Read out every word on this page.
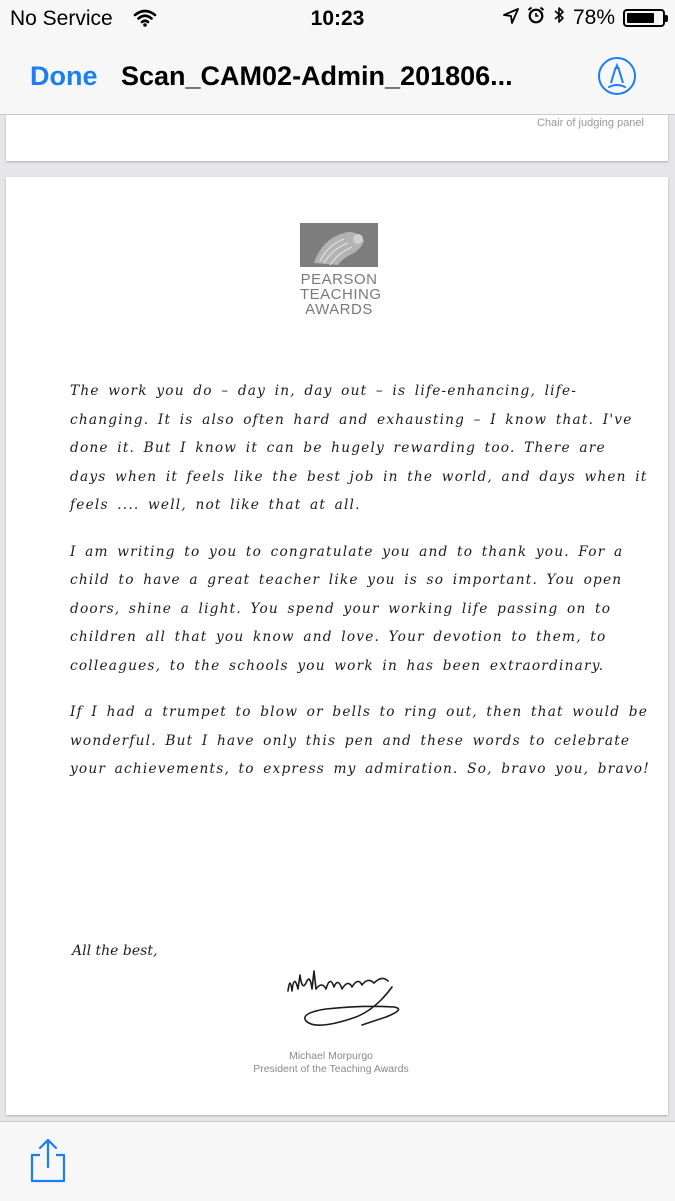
No Service	10:23	78%
Done Scan_CAM02-Admin_201806...
Chair of judging panel
PEARSON
TEACHING
AWARDS

The work you do – day in, day out – is life-enhancing, life-changing. It is also often hard and exhausting – I know that. I've done it. But I know it can be hugely rewarding too. There are days when it feels like the best job in the world, and days when it feels .... well, not like that at all.

I am writing to you to congratulate you and to thank you. For a child to have a great teacher like you is so important. You open doors, shine a light. You spend your working life passing on to children all that you know and love. Your devotion to them, to colleagues, to the schools you work in has been extraordinary.

If I had a trumpet to blow or bells to ring out, then that would be wonderful. But I have only this pen and these words to celebrate your achievements, to express my admiration. So, bravo you, bravo!

All the best,
Michael Morpurgo
President of the Teaching Awards
